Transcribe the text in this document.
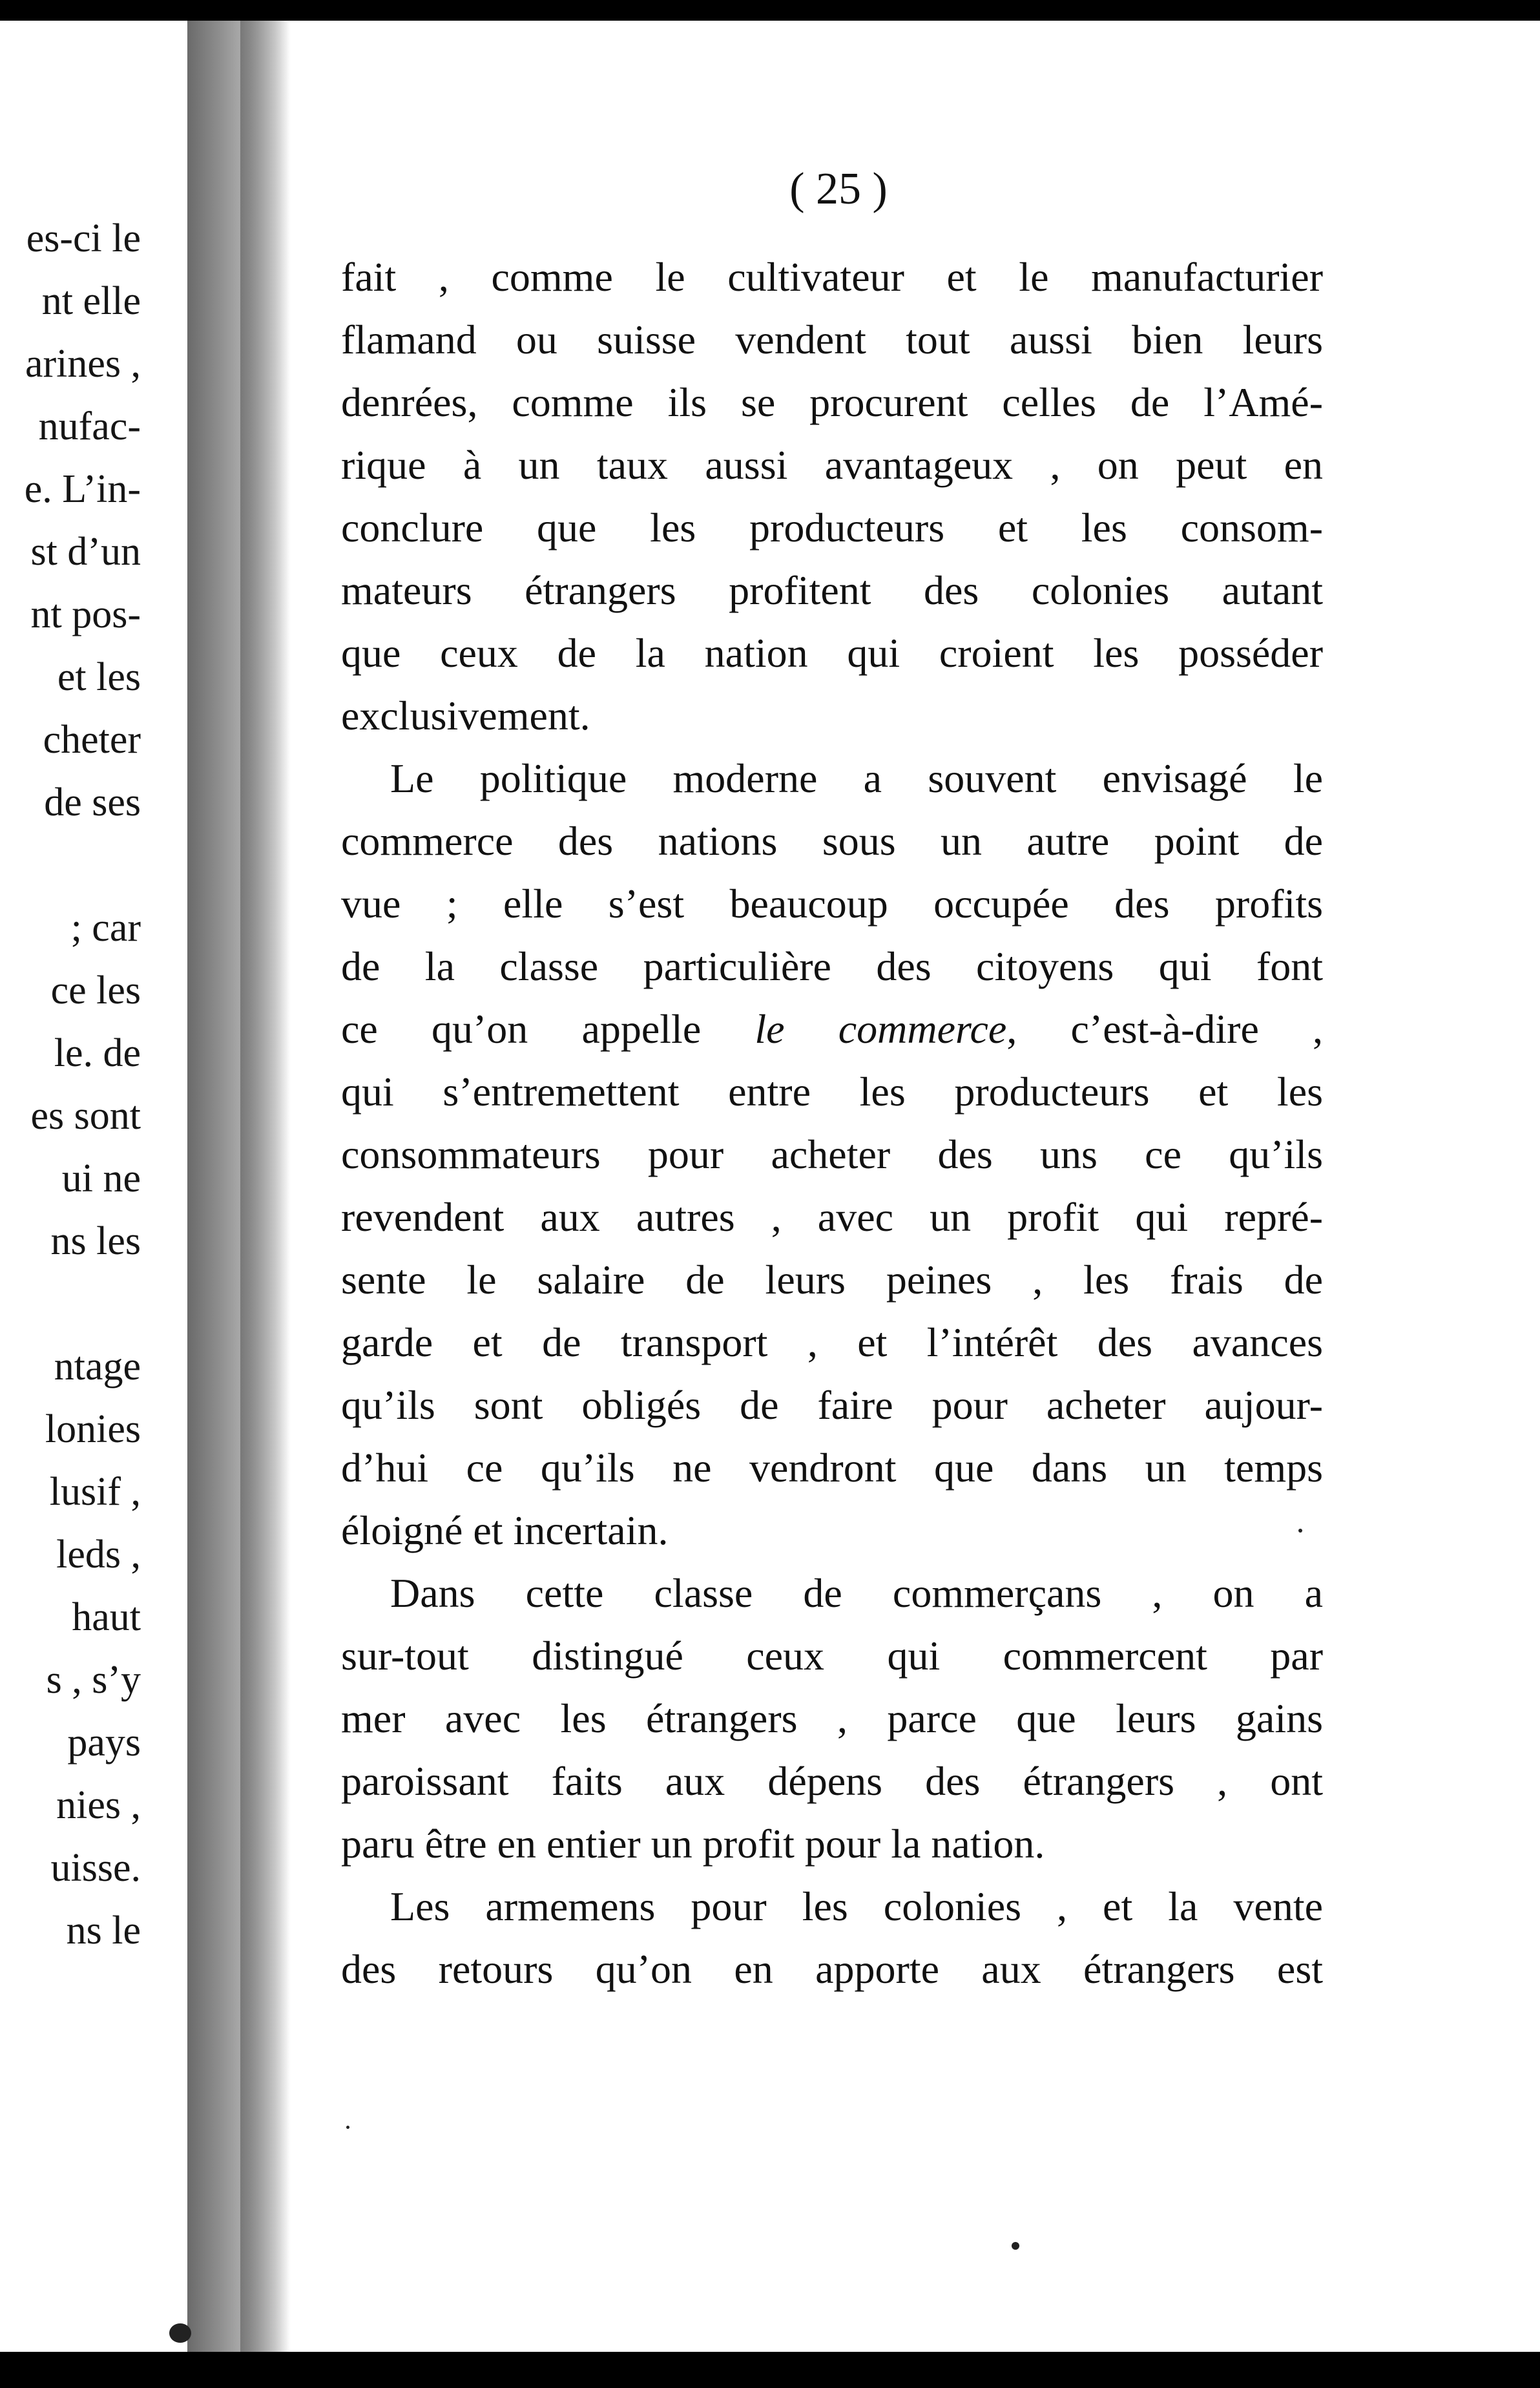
es-ci le
nt elle
arines ,
nufac-
e. L’in-
st d’un
nt pos-
et les
cheter
de ses
; car
ce les
le. de
es sont
ui ne
ns les
ntage
lonies
lusif ,
leds ,
haut
s , s’y
pays
nies ,
uisse.
ns le
( 25 )
fait , comme le cultivateur et le manufacturier
flamand ou suisse vendent tout aussi bien leurs
denrées, comme ils se procurent celles de l’Amé-
rique à un taux aussi avantageux , on peut en
conclure que les producteurs et les consom-
mateurs étrangers profitent des colonies autant
que ceux de la nation qui croient les posséder
exclusivement.
Le politique moderne a souvent envisagé le
commerce des nations sous un autre point de
vue ; elle s’est beaucoup occupée des profits
de la classe particulière des citoyens qui font
ce qu’on appelle le commerce, c’est-à-dire ,
qui s’entremettent entre les producteurs et les
consommateurs pour acheter des uns ce qu’ils
revendent aux autres , avec un profit qui repré-
sente le salaire de leurs peines , les frais de
garde et de transport , et l’intérêt des avances
qu’ils sont obligés de faire pour acheter aujour-
d’hui ce qu’ils ne vendront que dans un temps
éloigné et incertain.
Dans cette classe de commerçans , on a
sur-tout distingué ceux qui commercent par
mer avec les étrangers , parce que leurs gains
paroissant faits aux dépens des étrangers , ont
paru être en entier un profit pour la nation.
Les armemens pour les colonies , et la vente
des retours qu’on en apporte aux étrangers est
